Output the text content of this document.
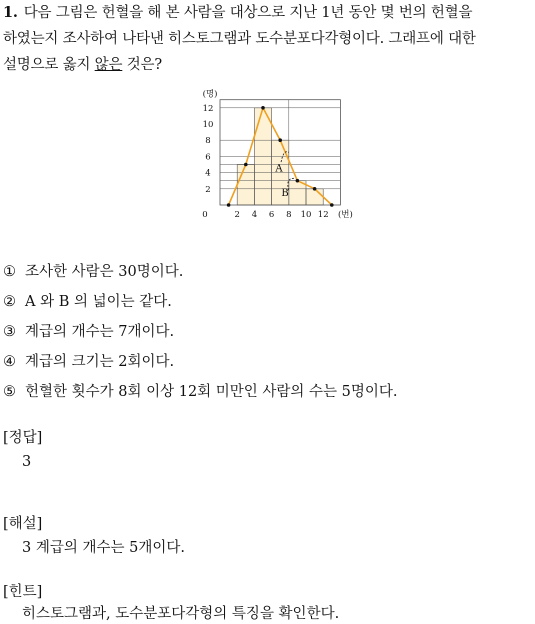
1. 다음 그림은 헌혈을 해 본 사람을 대상으로 지난 1년 동안 몇 번의 헌혈을
하였는지 조사하여 나타낸 히스토그램과 도수분포다각형이다. 그래프에 대한
설명으로 옳지 않은 것은?
A
B
2
4
6
8
10
12
0	2 4 6 8 10 12
(명)
(번)
① 조사한 사람은 30명이다.
② A 와 B 의 넓이는 같다.
③ 계급의 개수는 7개이다.
④ 계급의 크기는 2회이다.
⑤ 헌혈한 횟수가 8회 이상 12회 미만인 사람의 수는 5명이다.
[정답]
3
[해설]
3 계급의 개수는 5개이다.
[힌트]
히스토그램과, 도수분포다각형의 특징을 확인한다.
